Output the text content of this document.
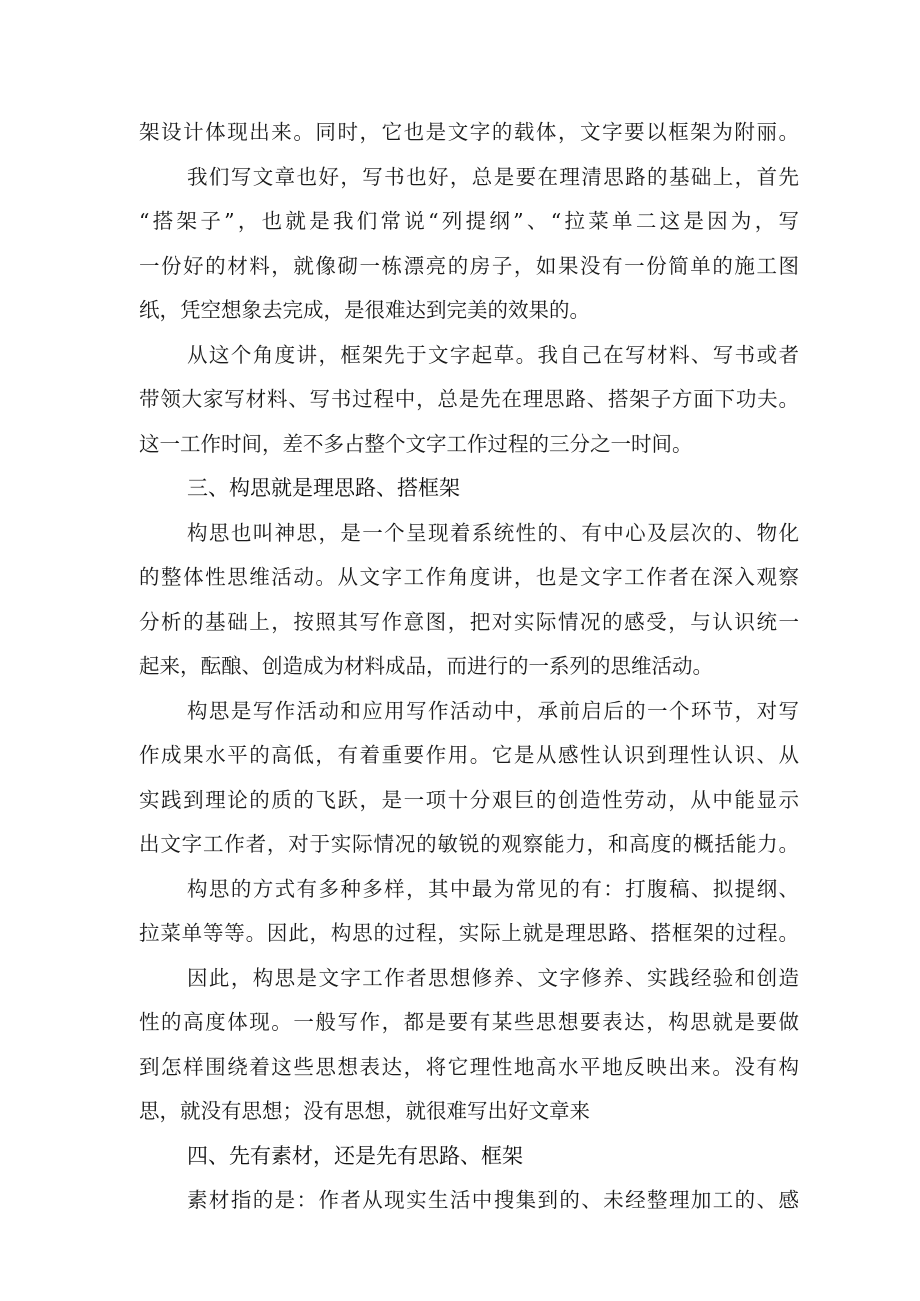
架设计体现出来。同时，它也是文字的载体，文字要以框架为附丽。
我们写文章也好，写书也好，总是要在理清思路的基础上，首先
“搭架子”，也就是我们常说“列提纲”、“拉菜单二这是因为，写
一份好的材料，就像砌一栋漂亮的房子，如果没有一份简单的施工图
纸，凭空想象去完成，是很难达到完美的效果的。
从这个角度讲，框架先于文字起草。我自己在写材料、写书或者
带领大家写材料、写书过程中，总是先在理思路、搭架子方面下功夫。
这一工作时间，差不多占整个文字工作过程的三分之一时间。
三、构思就是理思路、搭框架
构思也叫神思，是一个呈现着系统性的、有中心及层次的、物化
的整体性思维活动。从文字工作角度讲，也是文字工作者在深入观察
分析的基础上，按照其写作意图，把对实际情况的感受，与认识统一
起来，酝酿、创造成为材料成品，而进行的一系列的思维活动。
构思是写作活动和应用写作活动中，承前启后的一个环节，对写
作成果水平的高低，有着重要作用。它是从感性认识到理性认识、从
实践到理论的质的飞跃，是一项十分艰巨的创造性劳动，从中能显示
出文字工作者，对于实际情况的敏锐的观察能力，和高度的概括能力。
构思的方式有多种多样，其中最为常见的有：打腹稿、拟提纲、
拉菜单等等。因此，构思的过程，实际上就是理思路、搭框架的过程。
因此，构思是文字工作者思想修养、文字修养、实践经验和创造
性的高度体现。一般写作，都是要有某些思想要表达，构思就是要做
到怎样围绕着这些思想表达，将它理性地高水平地反映出来。没有构
思，就没有思想；没有思想，就很难写出好文章来
四、先有素材，还是先有思路、框架
素材指的是：作者从现实生活中搜集到的、未经整理加工的、感
